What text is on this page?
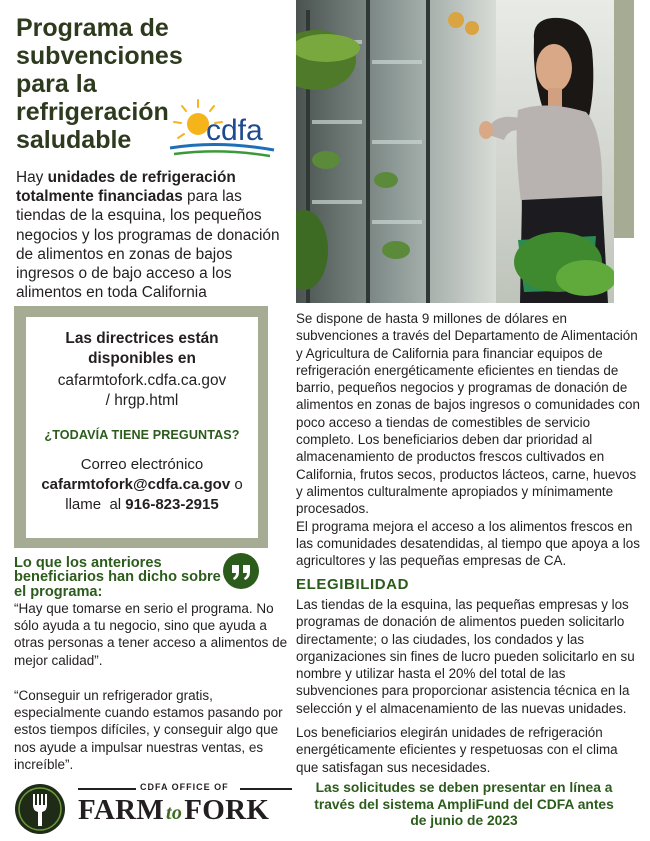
Programa de subvenciones para la refrigeración saludable	cdfa

Hay unidades de refrigeración totalmente financiadas para las tiendas de la esquina, los pequeños negocios y los programas de donación de alimentos en zonas de bajos ingresos o de bajo acceso a los alimentos en toda California

Las directrices están disponibles en
cafarmtofork.cdfa.ca.gov / hrgp.html
¿TODAVÍA TIENE PREGUNTAS?
Correo electrónico
cafarmtofork@cdfa.ca.gov o
llame  al 916-823-2915
Lo que los anteriores beneficiarios han dicho sobre el programa:

“Hay que tomarse en serio el programa. No sólo ayuda a tu negocio, sino que ayuda a otras personas a tener acceso a alimentos de mejor calidad”.

“Conseguir un refrigerador gratis, especialmente cuando estamos pasando por estos tiempos difíciles, y conseguir algo que nos ayude a impulsar nuestras ventas, es increíble”.

Se dispone de hasta 9 millones de dólares en subvenciones a través del Departamento de Alimentación y Agricultura de California para financiar equipos de refrigeración energéticamente eficientes en tiendas de barrio, pequeños negocios y programas de donación de alimentos en zonas de bajos ingresos o comunidades con poco acceso a tiendas de comestibles de servicio completo. Los beneficiarios deben dar prioridad al almacenamiento de productos frescos cultivados en California, frutos secos, productos lácteos, carne, huevos y alimentos culturalmente apropiados y mínimamente procesados.

El programa mejora el acceso a los alimentos frescos en las comunidades desatendidas, al tiempo que apoya a los agricultores y las pequeñas empresas de CA.

ELEGIBILIDAD

Las tiendas de la esquina, las pequeñas empresas y los programas de donación de alimentos pueden solicitarlo directamente; o las ciudades, los condados y las organizaciones sin fines de lucro pueden solicitarlo en su nombre y utilizar hasta el 20% del total de las subvenciones para proporcionar asistencia técnica en la selección y el almacenamiento de las nuevas unidades.

Los beneficiarios elegirán unidades de refrigeración energéticamente eficientes y respetuosas con el clima que satisfagan sus necesidades.

Las solicitudes se deben presentar en línea a través del sistema AmpliFund del CDFA antes de junio de 2023

CDFA OFFICE OF
FARM toFORK
